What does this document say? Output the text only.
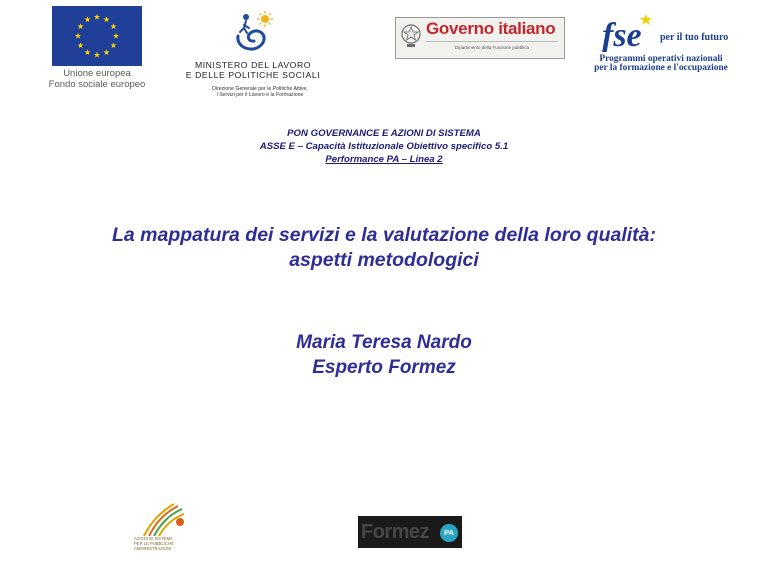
Unione europea
Fondo sociale europeo
MINISTERO DEL LAVORO
E DELLE POLITICHE SOCIALI
Direzione Generale per le Politiche Attive,
i Servizi per il Lavoro e la Formazione
Governo italiano
Dipartimento della Funzione pubblica	fse per il tuo futuro
Programmi operativi nazionali
per la formazione e l'occupazione
PON GOVERNANCE E AZIONI DI SISTEMA
ASSE E – Capacità Istituzionale Obiettivo specifico 5.1
Performance PA – Linea 2
La mappatura dei servizi e la valutazione della loro qualità:
aspetti metodologici
Maria Teresa Nardo
Esperto Formez
AZIONI DI SISTEMA
PER LE PUBBLICHE
AMMINISTRAZIONI
Formez	PA
